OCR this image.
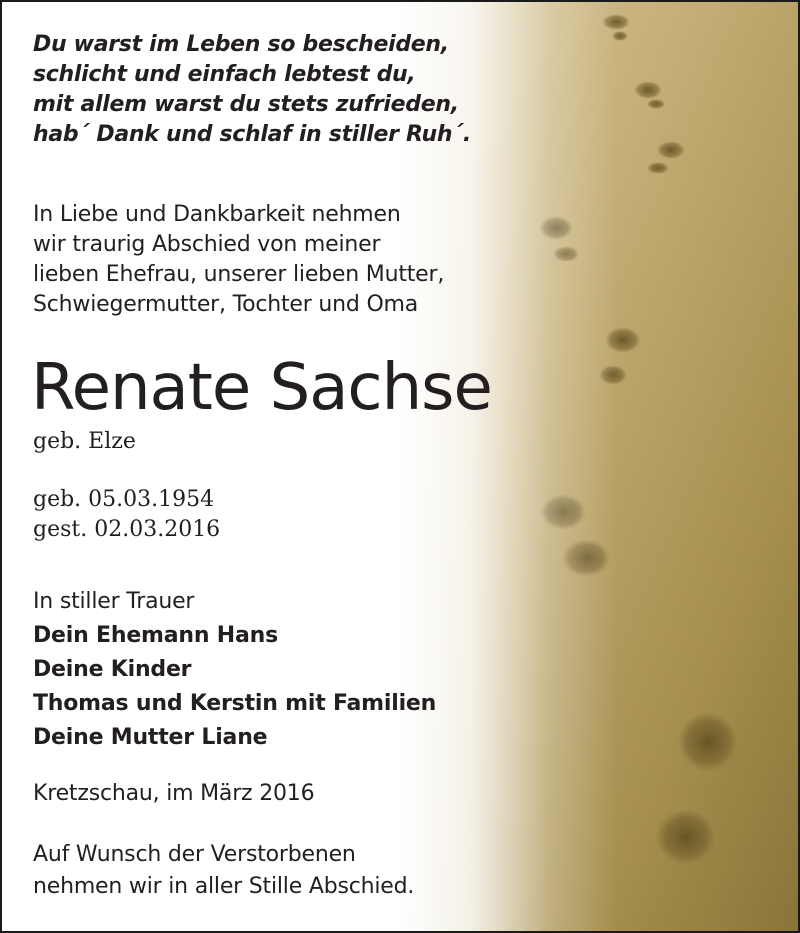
Du warst im Leben so bescheiden,
schlicht und einfach lebtest du,
mit allem warst du stets zufrieden,
hab´ Dank und schlaf in stiller Ruh´.
In Liebe und Dankbarkeit nehmen
wir traurig Abschied von meiner
lieben Ehefrau, unserer lieben Mutter,
Schwiegermutter, Tochter und Oma
Renate Sachse
geb. Elze
geb. 05.03.1954
gest. 02.03.2016
In stiller Trauer
Dein Ehemann Hans
Deine Kinder
Thomas und Kerstin mit Familien
Deine Mutter Liane
Kretzschau, im März 2016
Auf Wunsch der Verstorbenen
nehmen wir in aller Stille Abschied.
